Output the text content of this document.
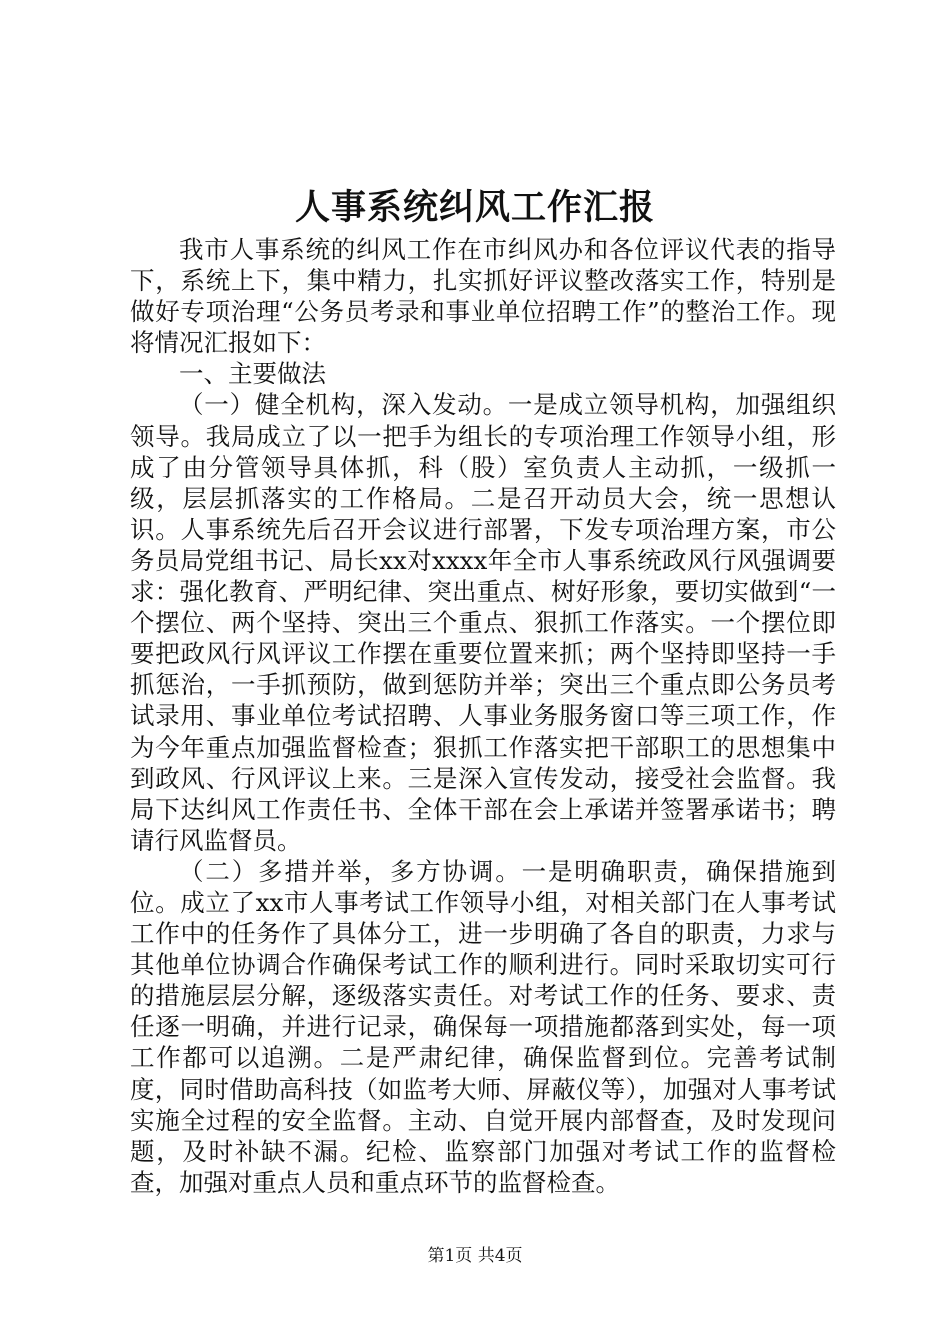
人事系统纠风工作汇报

我市人事系统的纠风工作在市纠风办和各位评议代表的指导下，系统上下，集中精力，扎实抓好评议整改落实工作，特别是做好专项治理“公务员考录和事业单位招聘工作”的整治工作。现将情况汇报如下：

一、主要做法

（一）健全机构，深入发动。一是成立领导机构，加强组织领导。我局成立了以一把手为组长的专项治理工作领导小组，形成了由分管领导具体抓，科（股）室负责人主动抓，一级抓一级，层层抓落实的工作格局。二是召开动员大会，统一思想认识。人事系统先后召开会议进行部署，下发专项治理方案，市公务员局党组书记、局长xx对xxxx年全市人事系统政风行风强调要求：强化教育、严明纪律、突出重点、树好形象，要切实做到“一个摆位、两个坚持、突出三个重点、狠抓工作落实。一个摆位即要把政风行风评议工作摆在重要位置来抓；两个坚持即坚持一手抓惩治，一手抓预防，做到惩防并举；突出三个重点即公务员考试录用、事业单位考试招聘、人事业务服务窗口等三项工作，作为今年重点加强监督检查；狠抓工作落实把干部职工的思想集中到政风、行风评议上来。三是深入宣传发动，接受社会监督。我局下达纠风工作责任书、全体干部在会上承诺并签署承诺书；聘请行风监督员。

（二）多措并举，多方协调。一是明确职责，确保措施到位。成立了xx市人事考试工作领导小组，对相关部门在人事考试工作中的任务作了具体分工，进一步明确了各自的职责，力求与其他单位协调合作确保考试工作的顺利进行。同时采取切实可行的措施层层分解，逐级落实责任。对考试工作的任务、要求、责任逐一明确，并进行记录，确保每一项措施都落到实处，每一项工作都可以追溯。二是严肃纪律，确保监督到位。完善考试制度，同时借助高科技（如监考大师、屏蔽仪等），加强对人事考试实施全过程的安全监督。主动、自觉开展内部督查，及时发现问题，及时补缺不漏。纪检、监察部门加强对考试工作的监督检查，加强对重点人员和重点环节的监督检查。

第1页 共4页
